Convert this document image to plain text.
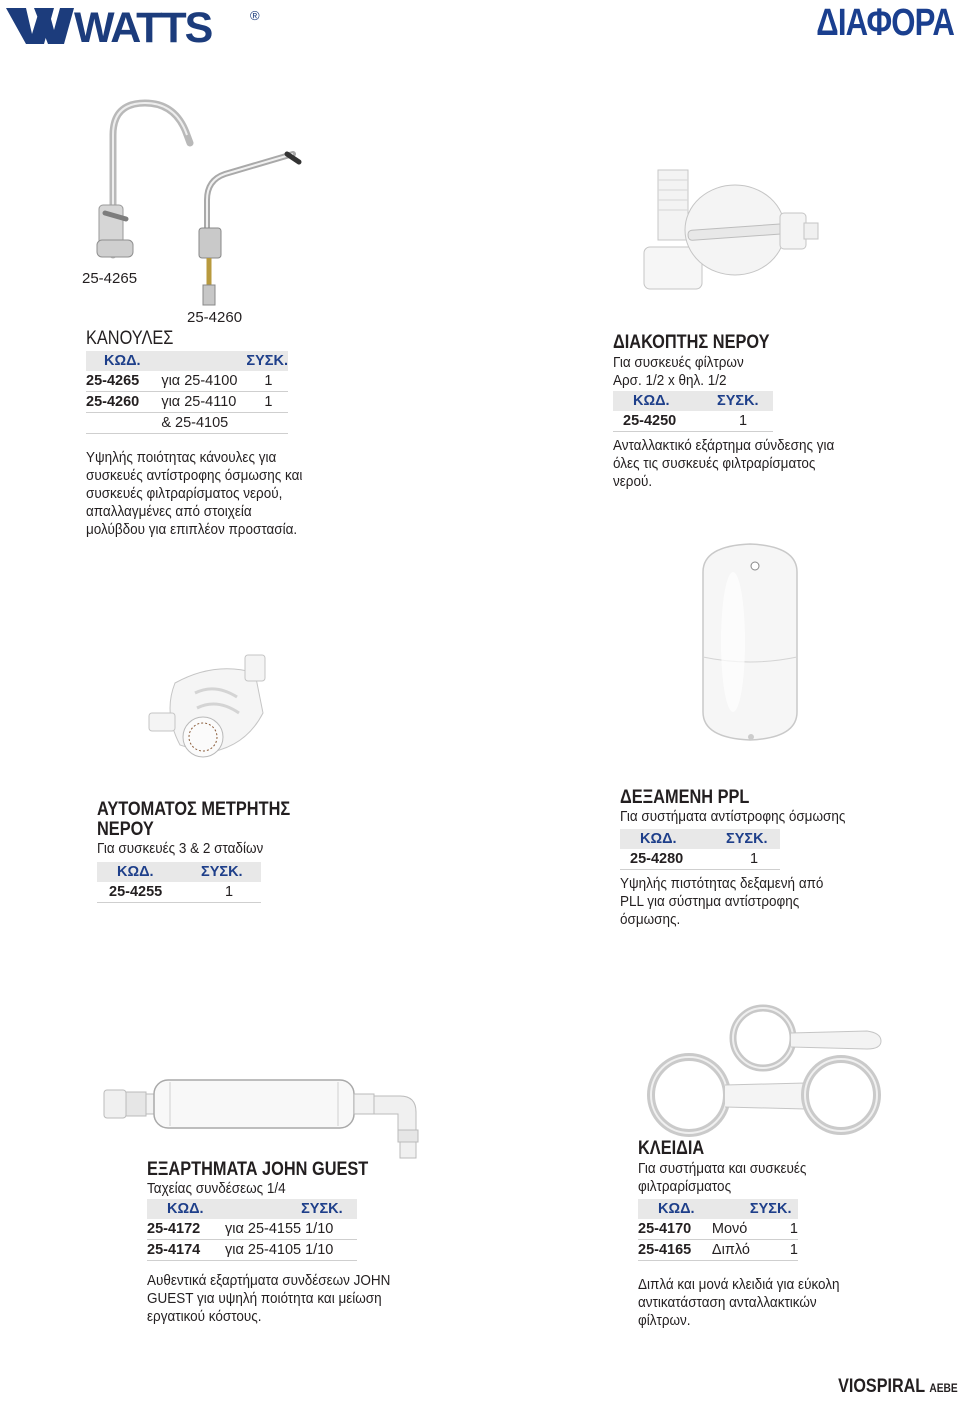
WATTS	®	ΔΙΑΦΟΡΑ
25-4265
25-4260
ΚΑΝΟΥΛΕΣ
ΚΩΔ.		ΣΥΣΚ.
25-4265	για 25-4100	1
25-4260	για 25-4110	1
	& 25-4105	
Υψηλής ποιότητας κάνουλες για
συσκευές αντίστροφης όσμωσης και
συσκευές φιλτραρίσματος νερού,
απαλλαγμένες από στοιχεία
μολύβδου για επιπλέον προστασία.
ΔΙΑΚΟΠΤΗΣ ΝΕΡΟΥ
Για συσκευές φίλτρων
Αρσ. 1/2 x θηλ. 1/2
ΚΩΔ.	ΣΥΣΚ.
25-4250	1
Ανταλλακτικό εξάρτημα σύνδεσης για
όλες τις συσκευές φιλτραρίσματος
νερού.
ΑΥΤΟΜΑΤΟΣ ΜΕΤΡΗΤΗΣ
ΝΕΡΟΥ
Για συσκευές 3 & 2 σταδίων
ΚΩΔ.	ΣΥΣΚ.
25-4255	1
ΔΕΞΑΜΕΝΗ PPL
Για συστήματα αντίστροφης όσμωσης
ΚΩΔ.	ΣΥΣΚ.
25-4280	1
Υψηλής πιστότητας δεξαμενή από
PLL για σύστημα αντίστροφης
όσμωσης.
ΕΞΑΡΤΗΜΑΤΑ JOHN GUEST
Ταχείας συνδέσεως 1/4
ΚΩΔ.		ΣΥΣΚ.
25-4172	για 25-4155	1/10
25-4174	για 25-4105	1/10
Αυθεντικά εξαρτήματα συνδέσεων JOHN
GUEST για υψηλή ποιότητα και μείωση
εργατικού κόστους.
ΚΛΕΙΔΙΑ
Για συστήματα και συσκευές
φιλτραρίσματος
ΚΩΔ.		ΣΥΣΚ.
25-4170	Μονό	1
25-4165	Διπλό	1
Διπλά και μονά κλειδιά για εύκολη
αντικατάσταση ανταλλακτικών
φίλτρων.
VIOSPIRAL AEBE
